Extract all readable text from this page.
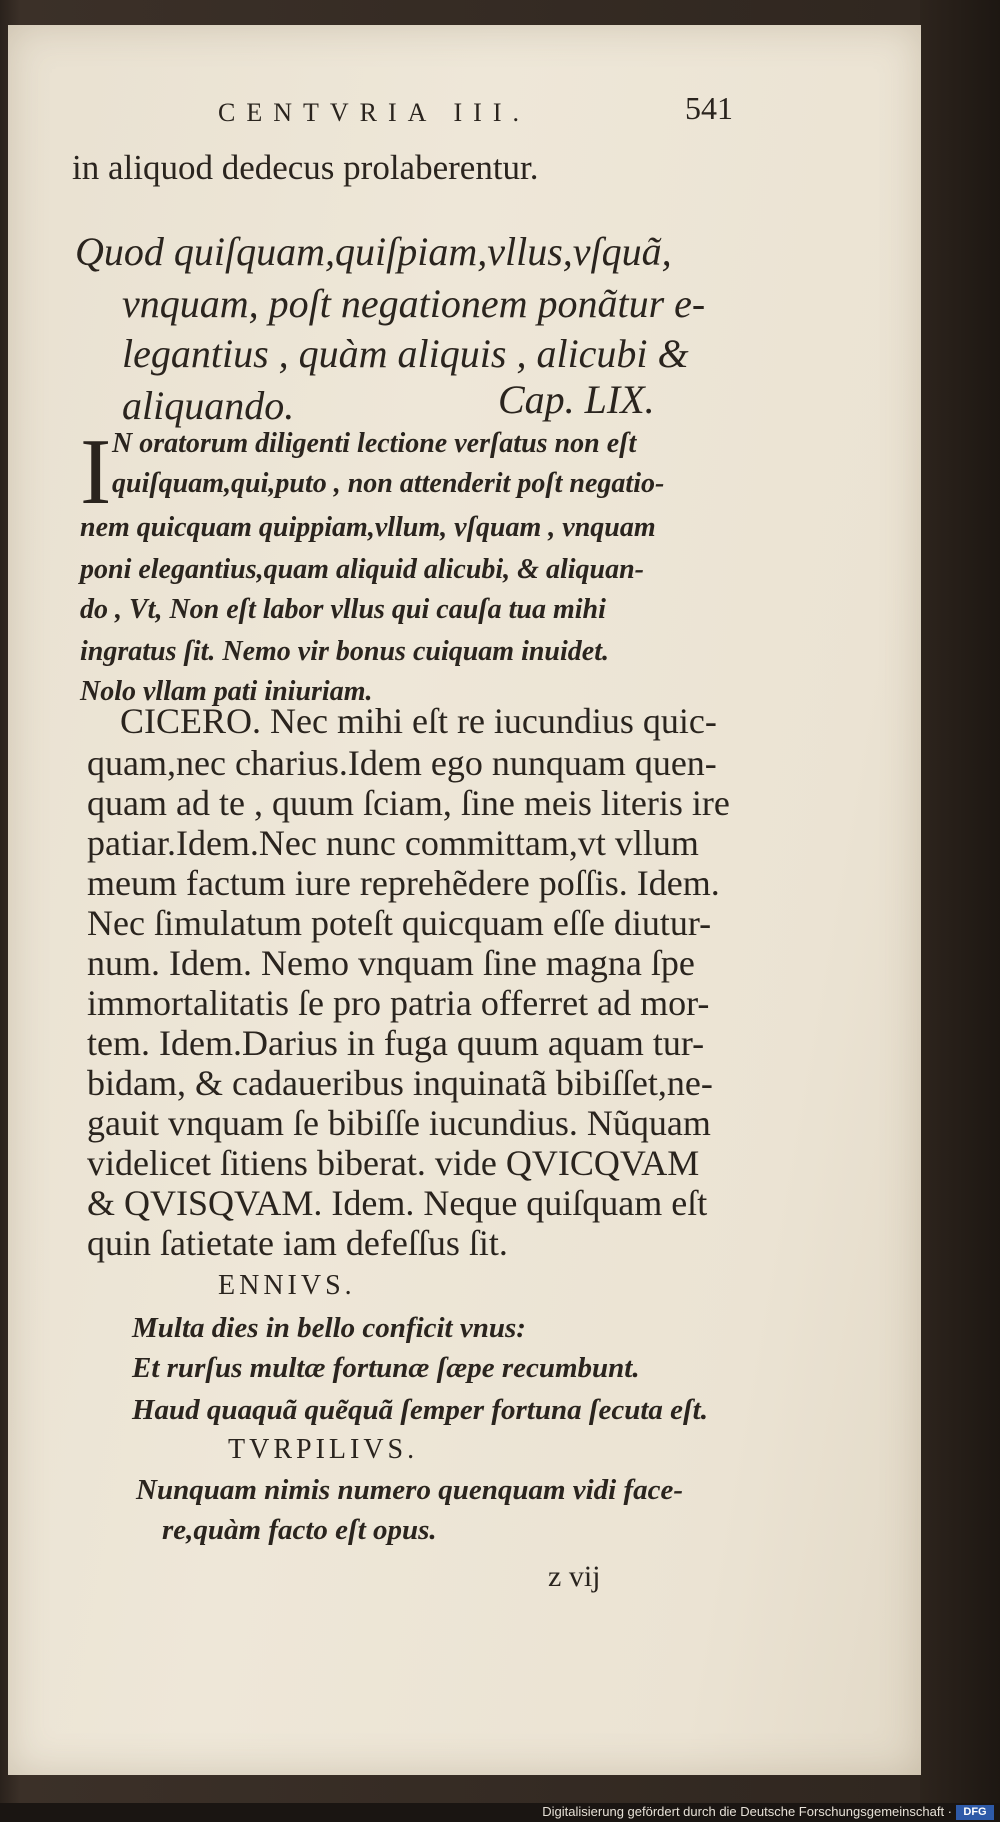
CENTVRIA III.	541
in aliquod dedecus prolaberentur.
Quod quiſquam,quiſpiam,vllus,vſquã,
vnquam, poſt negationem ponãtur e-
legantius , quàm aliquis , alicubi &
aliquando.	Cap. LIX.
I N oratorum diligenti lectione verſatus non eſt
quiſquam,qui,puto , non attenderit poſt negatio-
nem quicquam quippiam,vllum, vſquam , vnquam
poni elegantius,quam aliquid alicubi, & aliquan-
do , Vt, Non eſt labor vllus qui cauſa tua mihi
ingratus ſit. Nemo vir bonus cuiquam inuidet.
Nolo vllam pati iniuriam.
CICERO. Nec mihi eſt re iucundius quic-
quam,nec charius.Idem ego nunquam quen-
quam ad te , quum ſciam, ſine meis literis ire
patiar.Idem.Nec nunc committam,vt vllum
meum factum iure reprehẽdere poſſis. Idem.
Nec ſimulatum poteſt quicquam eſſe diutur-
num. Idem. Nemo vnquam ſine magna ſpe
immortalitatis ſe pro patria offerret ad mor-
tem. Idem.Darius in fuga quum aquam tur-
bidam, & cadaueribus inquinatã bibiſſet,ne-
gauit vnquam ſe bibiſſe iucundius. Nũquam
videlicet ſitiens biberat. vide QVICQVAM
& QVISQVAM. Idem. Neque quiſquam eſt
quin ſatietate iam defeſſus ſit.
ENNIVS.
Multa dies in bello conficit vnus:
Et rurſus multæ fortunæ ſæpe recumbunt.
Haud quaquã quẽquã ſemper fortuna ſecuta eſt.
TVRPILIVS.
Nunquam nimis numero quenquam vidi face-
re,quàm facto eſt opus.
z vij
Digitalisierung gefördert durch die Deutsche Forschungsgemeinschaft ·	DFG
